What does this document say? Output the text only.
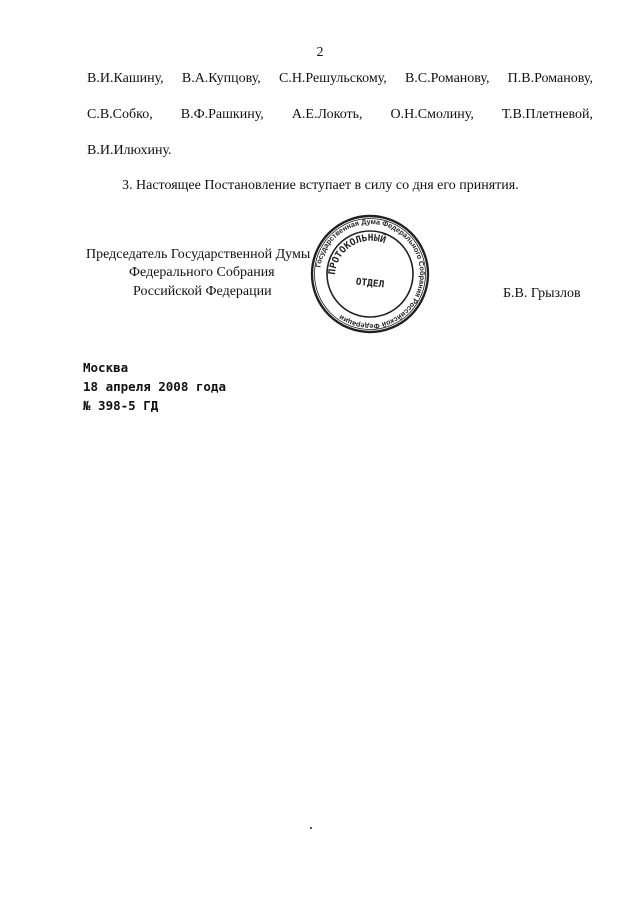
2
В.И.Кашину, В.А.Купцову, С.Н.Решульскому, В.С.Романову, П.В.Романову,
С.В.Собко, В.Ф.Рашкину, А.Е.Локоть, О.Н.Смолину, Т.В.Плетневой,
В.И.Илюхину.
3. Настоящее Постановление вступает в силу со дня его принятия.
Председатель Государственной Думы
Федерального Собрания
Российской Федерации	Б.В. Грызлов
Государственная Дума Федерального Собрания Российской Федерации
ПРОТОКОЛЬНЫЙ
ОТДЕЛ
Москва
18 апреля 2008 года
№ 398-5 ГД
